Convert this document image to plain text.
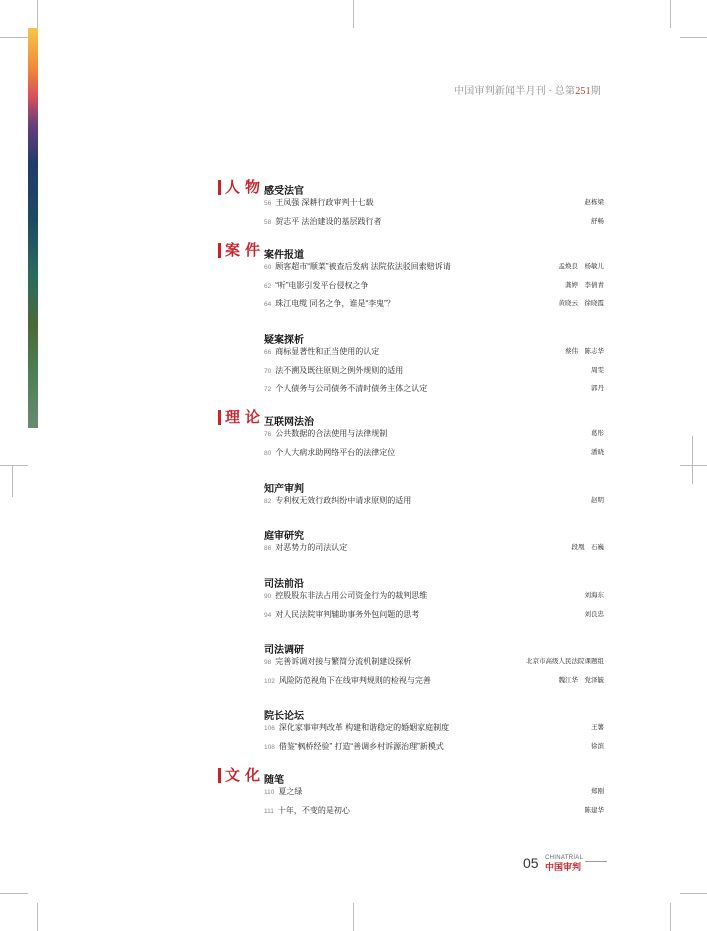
中国审判新闻半月刊 · 总第251期
人物
案件
理论
文化
感受法官
56 王凤强 深耕行政审判十七载	赵栋梁
58 贺志平 法治建设的基层践行者	舒畅
案件报道
60 顾客超市“顺菜”被查后发病 法院依法驳回索赔诉请	孟焕良　杨敏儿
62 “听”电影引发平台侵权之争	龚婷　李倩青
64 珠江电缆 同名之争，谁是“李鬼”？	黄晓云　徐晓霞
疑案探析
66 商标显著性和正当使用的认定	蔡伟　陈志华
70 法不溯及既往原则之例外规则的适用	周雯
72 个人债务与公司债务不清时债务主体之认定	郭丹
互联网法治
76 公共数据的合法使用与法律规制	葛彤
80 个人大病求助网络平台的法律定位	潘晓
知产审判
82 专利权无效行政纠纷中请求原则的适用	赵明
庭审研究
86 对恶势力的司法认定	段凰　石巍
司法前沿
90 控股股东非法占用公司资金行为的裁判思维	刘海东
94 对人民法院审判辅助事务外包问题的思考	刘良忠
司法调研
98 完善诉调对接与繁简分流机制建设探析	北京市高级人民法院课题组
102 风险防范视角下在线审判规则的检视与完善	魏江华　党泽毓
院长论坛
106 深化家事审判改革 构建和谐稳定的婚姻家庭制度	王薯
108 借鉴“枫桥经验” 打造“善调乡村诉源治理”新模式	徐滨
随笔
110 夏之绿	郑刚
111 十年，不变的是初心	陈建华
05 CHINATRIAL
中国审判
